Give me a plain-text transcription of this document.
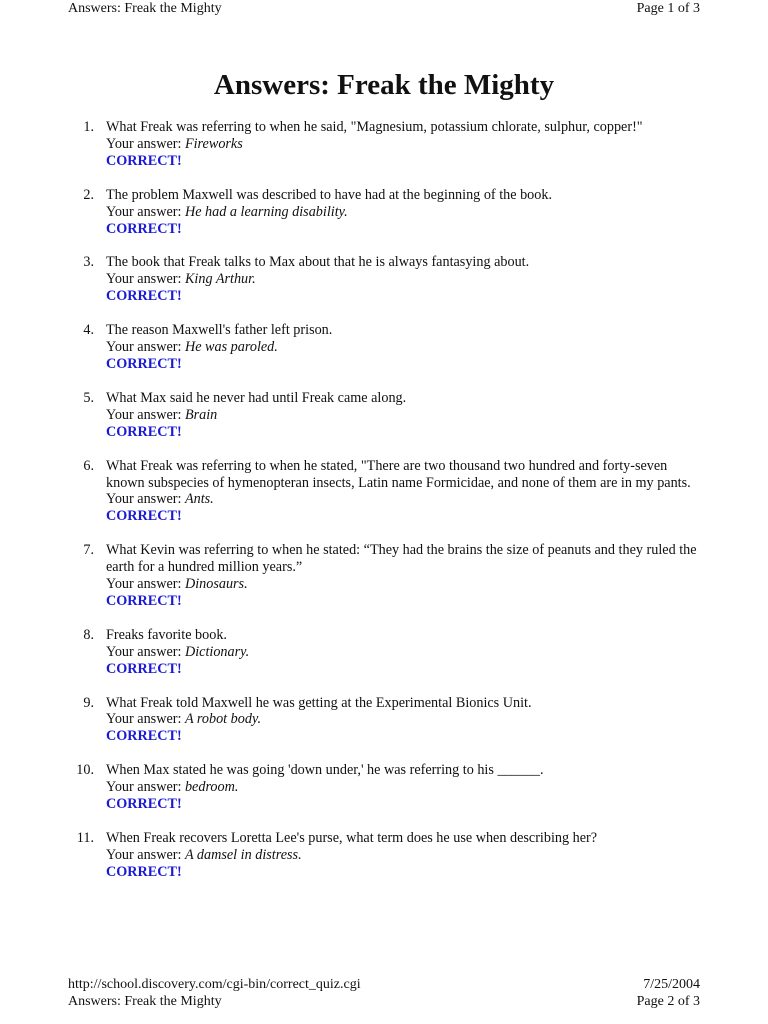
Answers: Freak the Mighty	Page 1 of 3
Answers: Freak the Mighty
1. What Freak was referring to when he said, "Magnesium, potassium chlorate, sulphur, copper!"
Your answer: Fireworks
CORRECT!
2. The problem Maxwell was described to have had at the beginning of the book.
Your answer: He had a learning disability.
CORRECT!
3. The book that Freak talks to Max about that he is always fantasying about.
Your answer: King Arthur.
CORRECT!
4. The reason Maxwell's father left prison.
Your answer: He was paroled.
CORRECT!
5. What Max said he never had until Freak came along.
Your answer: Brain
CORRECT!
6. What Freak was referring to when he stated, "There are two thousand two hundred and forty-seven known subspecies of hymenopteran insects, Latin name Formicidae, and none of them are in my pants.
Your answer: Ants.
CORRECT!
7. What Kevin was referring to when he stated: “They had the brains the size of peanuts and they ruled the earth for a hundred million years.”
Your answer: Dinosaurs.
CORRECT!
8. Freaks favorite book.
Your answer: Dictionary.
CORRECT!
9. What Freak told Maxwell he was getting at the Experimental Bionics Unit.
Your answer: A robot body.
CORRECT!
10. When Max stated he was going 'down under,' he was referring to his ______.
Your answer: bedroom.
CORRECT!
11. When Freak recovers Loretta Lee's purse, what term does he use when describing her?
Your answer: A damsel in distress.
CORRECT!
http://school.discovery.com/cgi-bin/correct_quiz.cgi	7/25/2004
Answers: Freak the Mighty	Page 2 of 3
